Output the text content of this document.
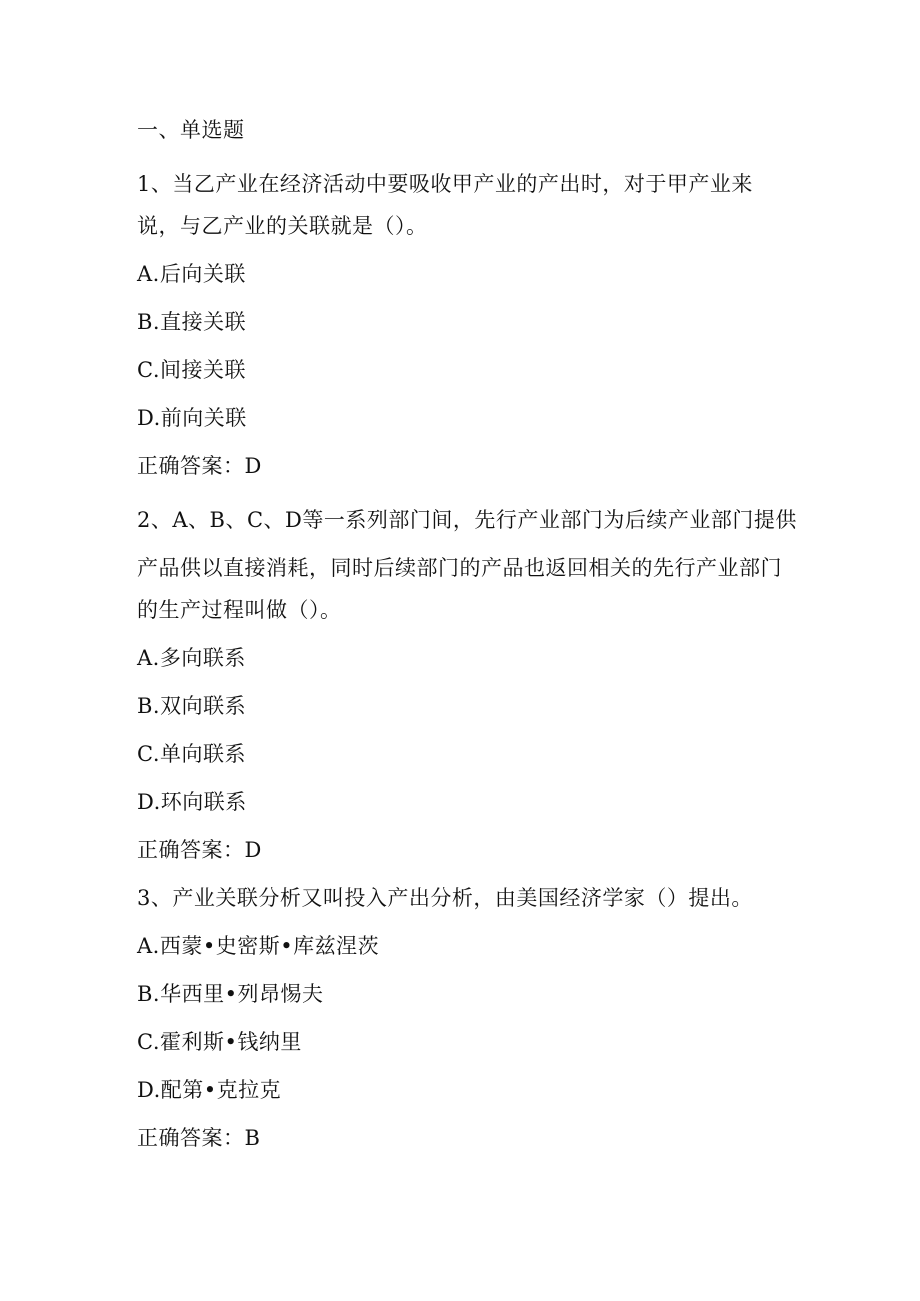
一、单选题

1、当乙产业在经济活动中要吸收甲产业的产出时，对于甲产业来

说，与乙产业的关联就是（）。

A.后向关联

B.直接关联

C.间接关联

D.前向关联

正确答案：D

2、A、B、C、D等一系列部门间，先行产业部门为后续产业部门提供

产品供以直接消耗，同时后续部门的产品也返回相关的先行产业部门

的生产过程叫做（）。

A.多向联系

B.双向联系

C.单向联系

D.环向联系

正确答案：D

3、产业关联分析又叫投入产出分析，由美国经济学家（）提出。

A.西蒙•史密斯•库兹涅茨

B.华西里•列昂惕夫

C.霍利斯•钱纳里

D.配第•克拉克

正确答案：B
